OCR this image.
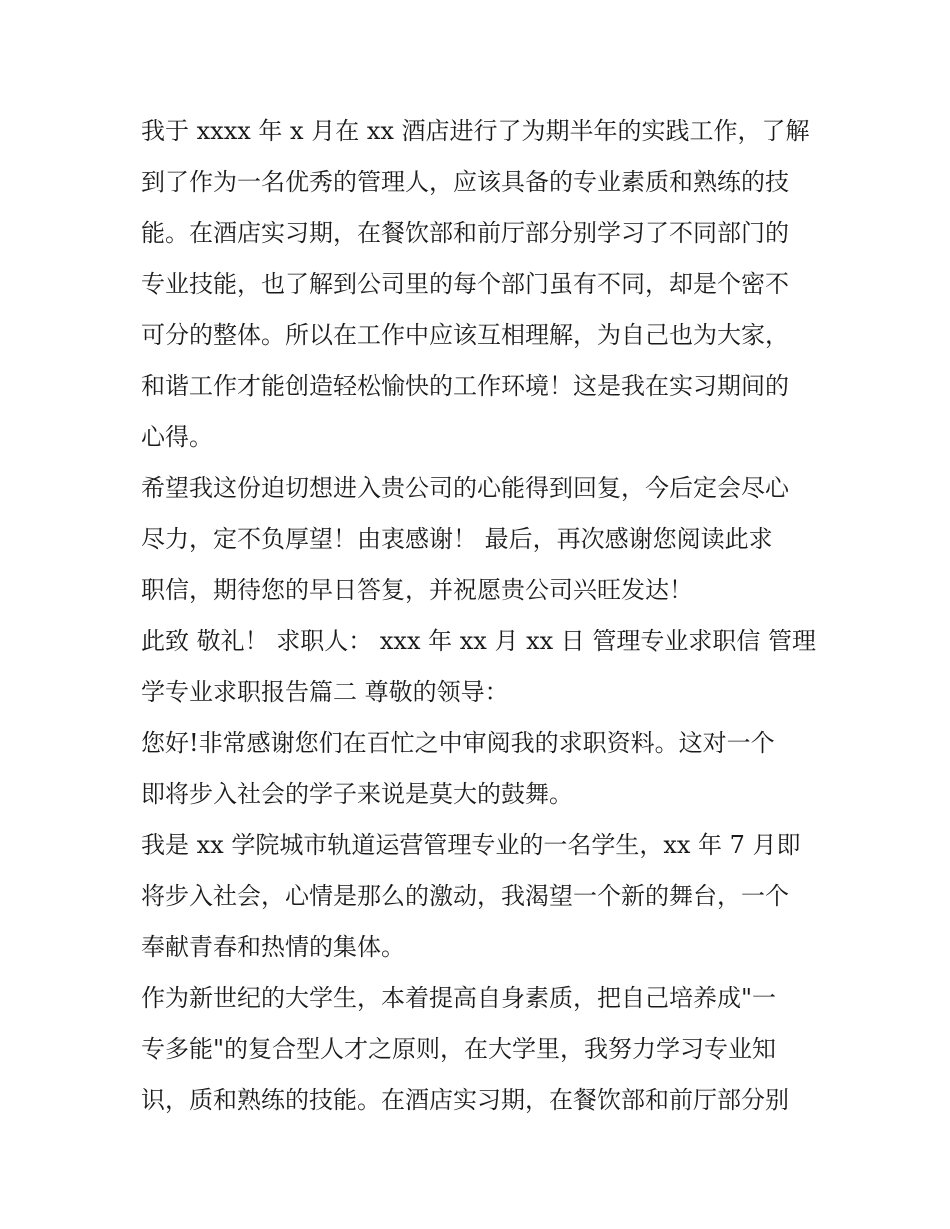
我于 xxxx 年 x 月在 xx 酒店进行了为期半年的实践工作，了解
到了作为一名优秀的管理人，应该具备的专业素质和熟练的技
能。在酒店实习期，在餐饮部和前厅部分别学习了不同部门的
专业技能，也了解到公司里的每个部门虽有不同，却是个密不
可分的整体。所以在工作中应该互相理解，为自己也为大家，
和谐工作才能创造轻松愉快的工作环境！这是我在实习期间的
心得。
希望我这份迫切想进入贵公司的心能得到回复，今后定会尽心
尽力，定不负厚望！由衷感谢！ 最后，再次感谢您阅读此求
职信，期待您的早日答复，并祝愿贵公司兴旺发达！
此致 敬礼！ 求职人： xxx 年 xx 月 xx 日 管理专业求职信 管理
学专业求职报告篇二 尊敬的领导：
您好!非常感谢您们在百忙之中审阅我的求职资料。这对一个
即将步入社会的学子来说是莫大的鼓舞。
我是 xx 学院城市轨道运营管理专业的一名学生，xx 年 7 月即
将步入社会，心情是那么的激动，我渴望一个新的舞台，一个
奉献青春和热情的集体。
作为新世纪的大学生，本着提高自身素质，把自己培养成"一
专多能"的复合型人才之原则，在大学里，我努力学习专业知
识，质和熟练的技能。在酒店实习期，在餐饮部和前厅部分别
